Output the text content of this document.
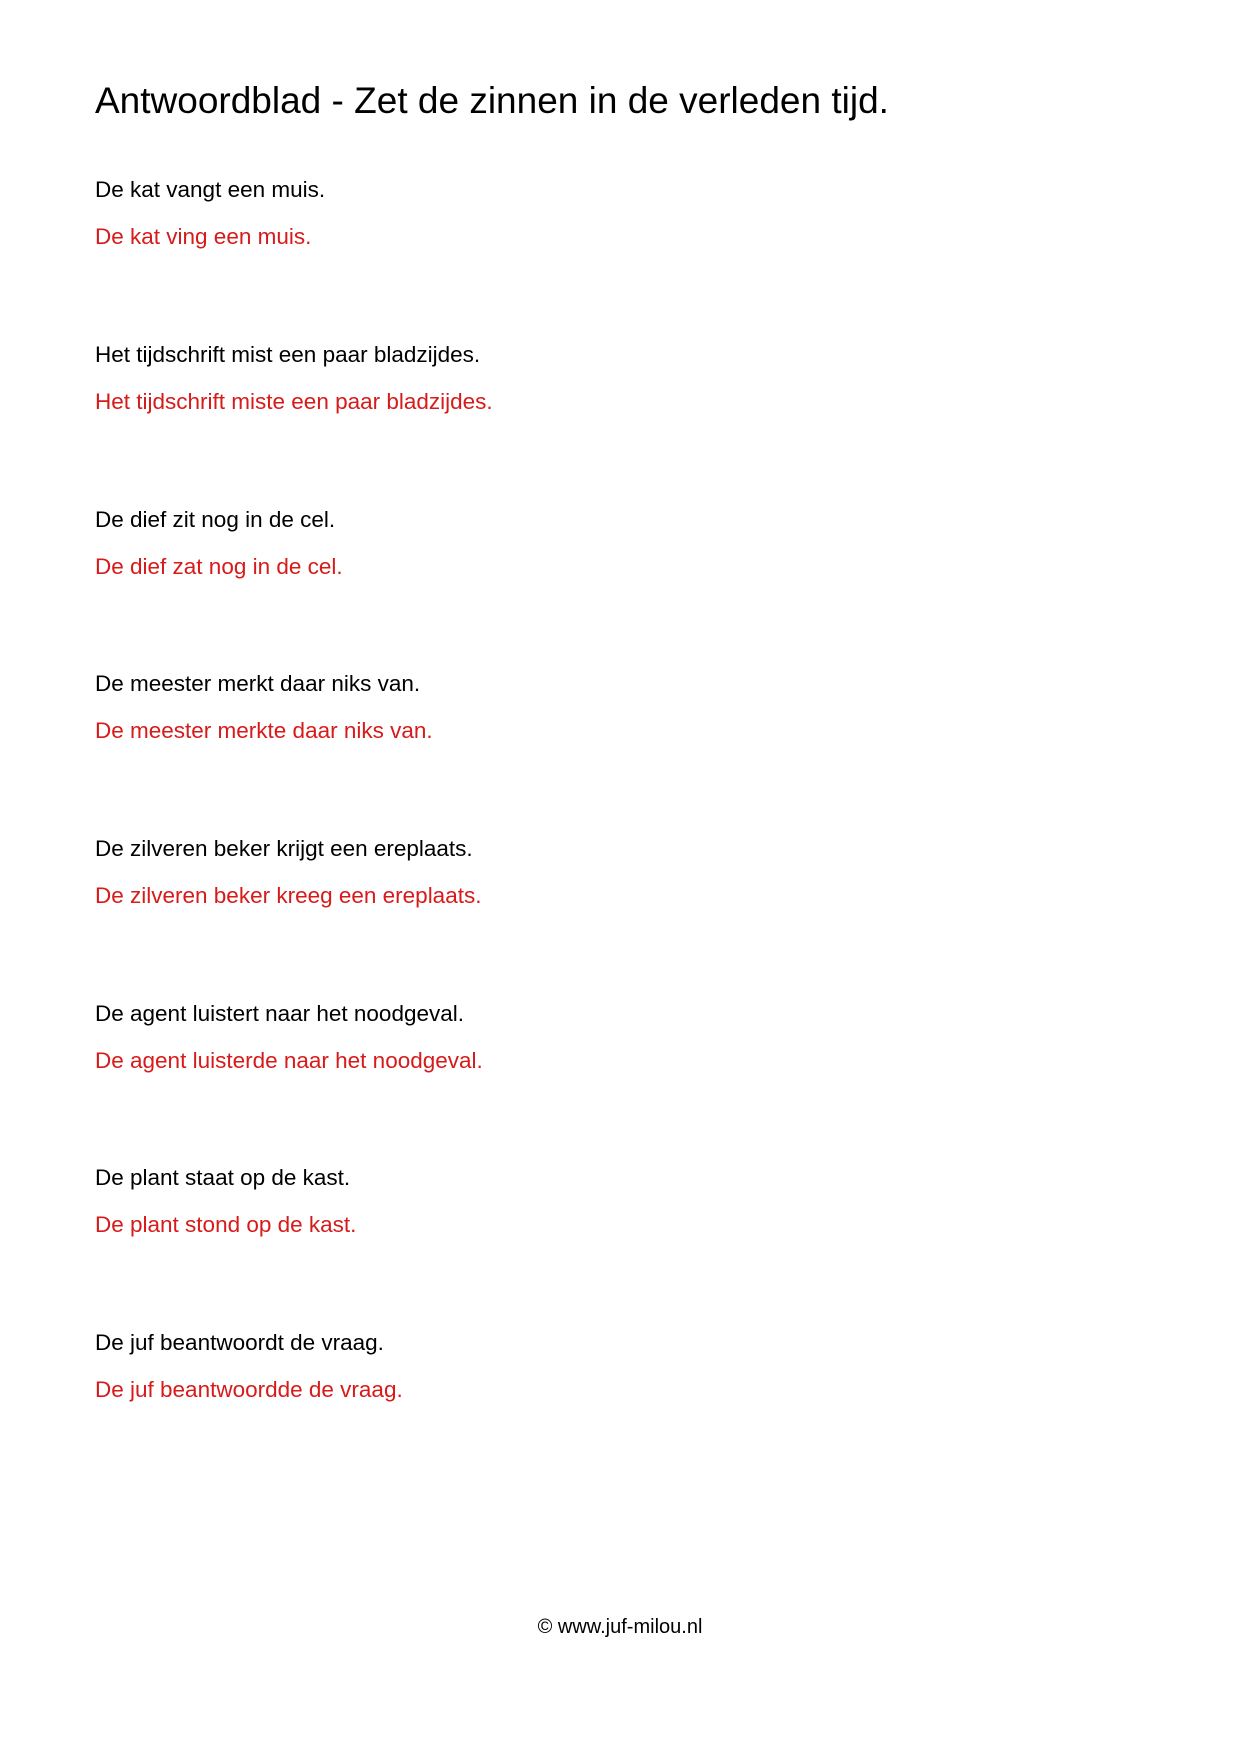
Antwoordblad - Zet de zinnen in de verleden tijd.
De kat vangt een muis.
De kat ving een muis.
Het tijdschrift mist een paar bladzijdes.
Het tijdschrift miste een paar bladzijdes.
De dief zit nog in de cel.
De dief zat nog in de cel.
De meester merkt daar niks van.
De meester merkte daar niks van.
De zilveren beker krijgt een ereplaats.
De zilveren beker kreeg een ereplaats.
De agent luistert naar het noodgeval.
De agent luisterde naar het noodgeval.
De plant staat op de kast.
De plant stond op de kast.
De juf beantwoordt de vraag.
De juf beantwoordde de vraag.
© www.juf-milou.nl
